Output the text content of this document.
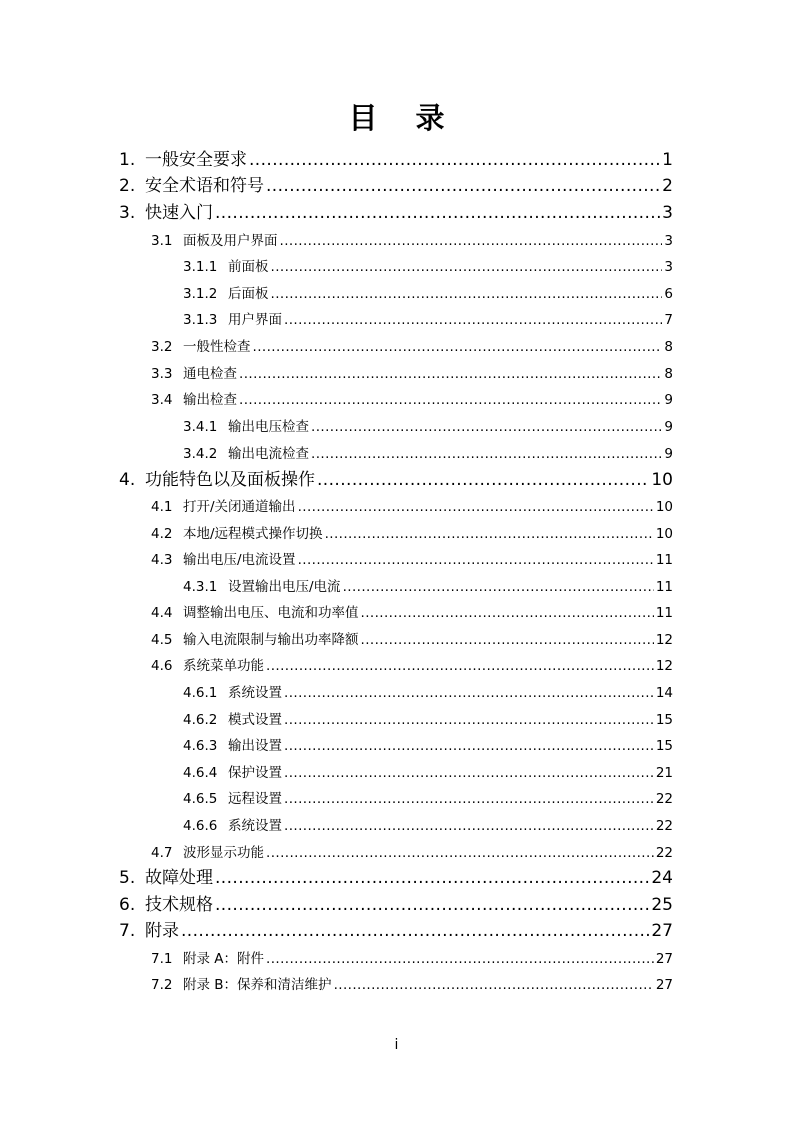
目 录
1. 一般安全要求 .....	1
2. 安全术语和符号 .....	2
3. 快速入门 .....	3
3.1 面板及用户界面 .....	3
3.1.1 前面板 .....	3
3.1.2 后面板 .....	6
3.1.3 用户界面 .....	7
3.2 一般性检查 .....	8
3.3 通电检查 .....	8
3.4 输出检查 .....	9
3.4.1 输出电压检查 .....	9
3.4.2 输出电流检查 .....	9
4. 功能特色以及面板操作 .....	10
4.1 打开/关闭通道输出 .....	10
4.2 本地/远程模式操作切换 .....	10
4.3 输出电压/电流设置 .....	11
4.3.1 设置输出电压/电流 .....	11
4.4 调整输出电压、电流和功率值 .....	11
4.5 输入电流限制与输出功率降额 .....	12
4.6 系统菜单功能 .....	12
4.6.1 系统设置 .....	14
4.6.2 模式设置 .....	15
4.6.3 输出设置 .....	15
4.6.4 保护设置 .....	21
4.6.5 远程设置 .....	22
4.6.6 系统设置 .....	22
4.7 波形显示功能 .....	22
5. 故障处理 .....	24
6. 技术规格 .....	25
7. 附录 .....	27
7.1 附录 A：附件 .....	27
7.2 附录 B：保养和清洁维护 .....	27
i
